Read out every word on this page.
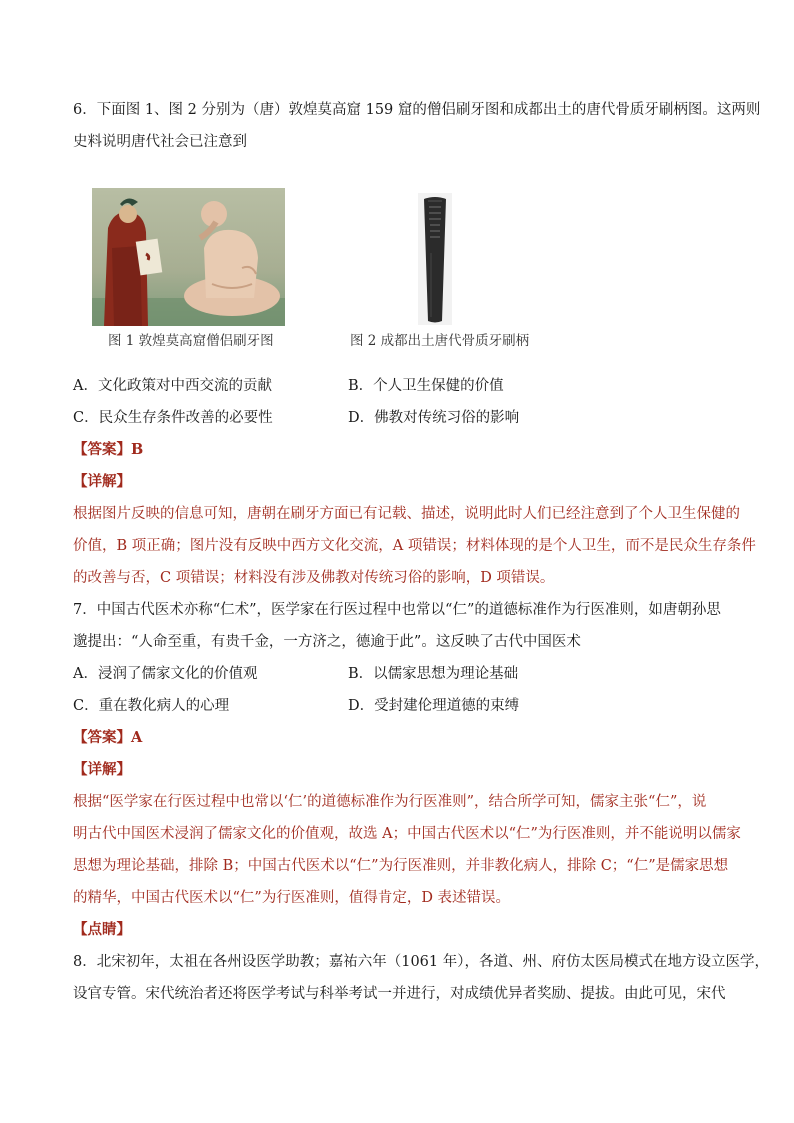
6．下面图 1、图 2 分别为（唐）敦煌莫高窟 159 窟的僧侣刷牙图和成都出土的唐代骨质牙刷柄图。这两则
史料说明唐代社会已注意到
图 1 敦煌莫高窟僧侣刷牙图	图 2 成都出土唐代骨质牙刷柄
A．文化政策对中西交流的贡献	B．个人卫生保健的价值
C．民众生存条件改善的必要性	D．佛教对传统习俗的影响
【答案】B
【详解】
根据图片反映的信息可知，唐朝在刷牙方面已有记载、描述，说明此时人们已经注意到了个人卫生保健的
价值，B 项正确；图片没有反映中西方文化交流，A 项错误；材料体现的是个人卫生，而不是民众生存条件
的改善与否，C 项错误；材料没有涉及佛教对传统习俗的影响，D 项错误。
7．中国古代医术亦称“仁术”，医学家在行医过程中也常以“仁”的道德标准作为行医准则，如唐朝孙思
邈提出：“人命至重，有贵千金，一方济之，德逾于此”。这反映了古代中国医术
A．浸润了儒家文化的价值观	B．以儒家思想为理论基础
C．重在教化病人的心理	D．受封建伦理道德的束缚
【答案】A
【详解】
根据“医学家在行医过程中也常以‘仁’的道德标准作为行医准则”，结合所学可知，儒家主张“仁”，说
明古代中国医术浸润了儒家文化的价值观，故选 A；中国古代医术以“仁”为行医准则，并不能说明以儒家
思想为理论基础，排除 B；中国古代医术以“仁”为行医准则，并非教化病人，排除 C；“仁”是儒家思想
的精华，中国古代医术以“仁”为行医准则，值得肯定，D 表述错误。
【点睛】
8．北宋初年，太祖在各州设医学助教；嘉祐六年（1061 年），各道、州、府仿太医局模式在地方设立医学，
设官专管。宋代统治者还将医学考试与科举考试一并进行，对成绩优异者奖励、提拔。由此可见，宋代
